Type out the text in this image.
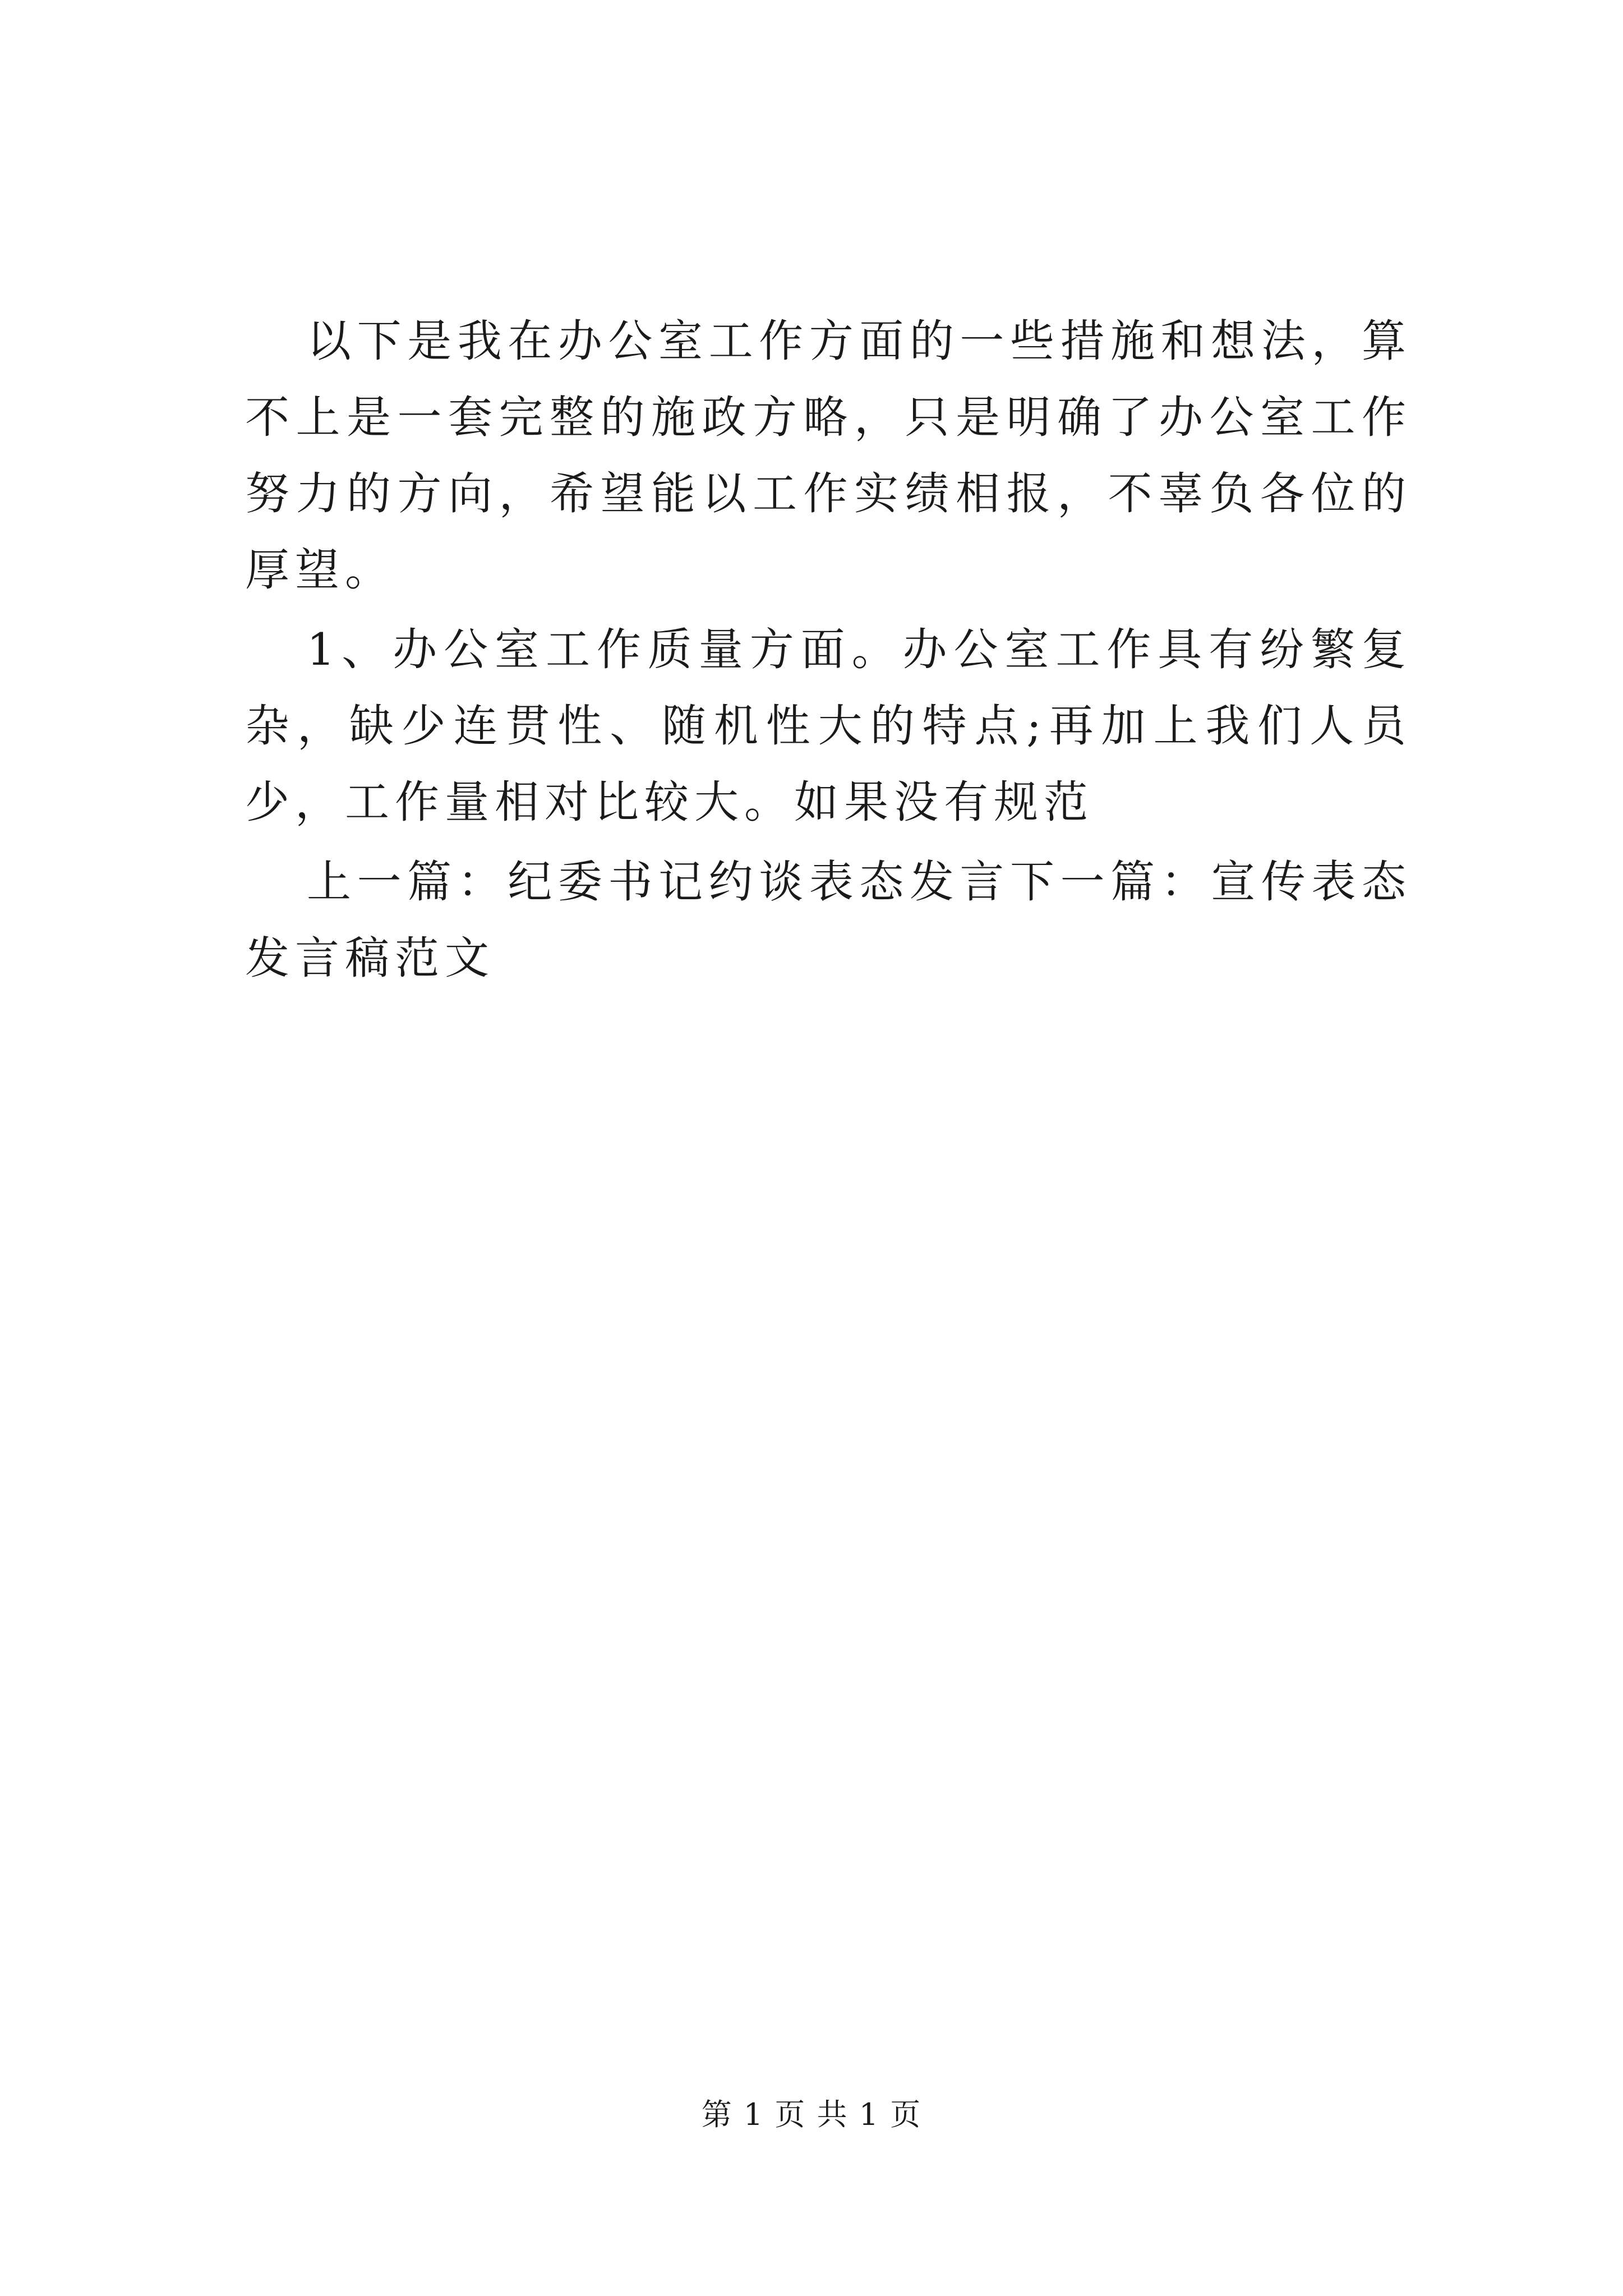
以下是我在办公室工作方面的一些措施和想法，算不上是一套完整的施政方略，只是明确了办公室工作努力的方向，希望能以工作实绩相报，不辜负各位的厚望。

1、办公室工作质量方面。办公室工作具有纷繁复杂，缺少连贯性、随机性大的特点;再加上我们人员少，工作量相对比较大。如果没有规范

上一篇：纪委书记约谈表态发言下一篇：宣传表态发言稿范文

第 1 页 共 1 页
